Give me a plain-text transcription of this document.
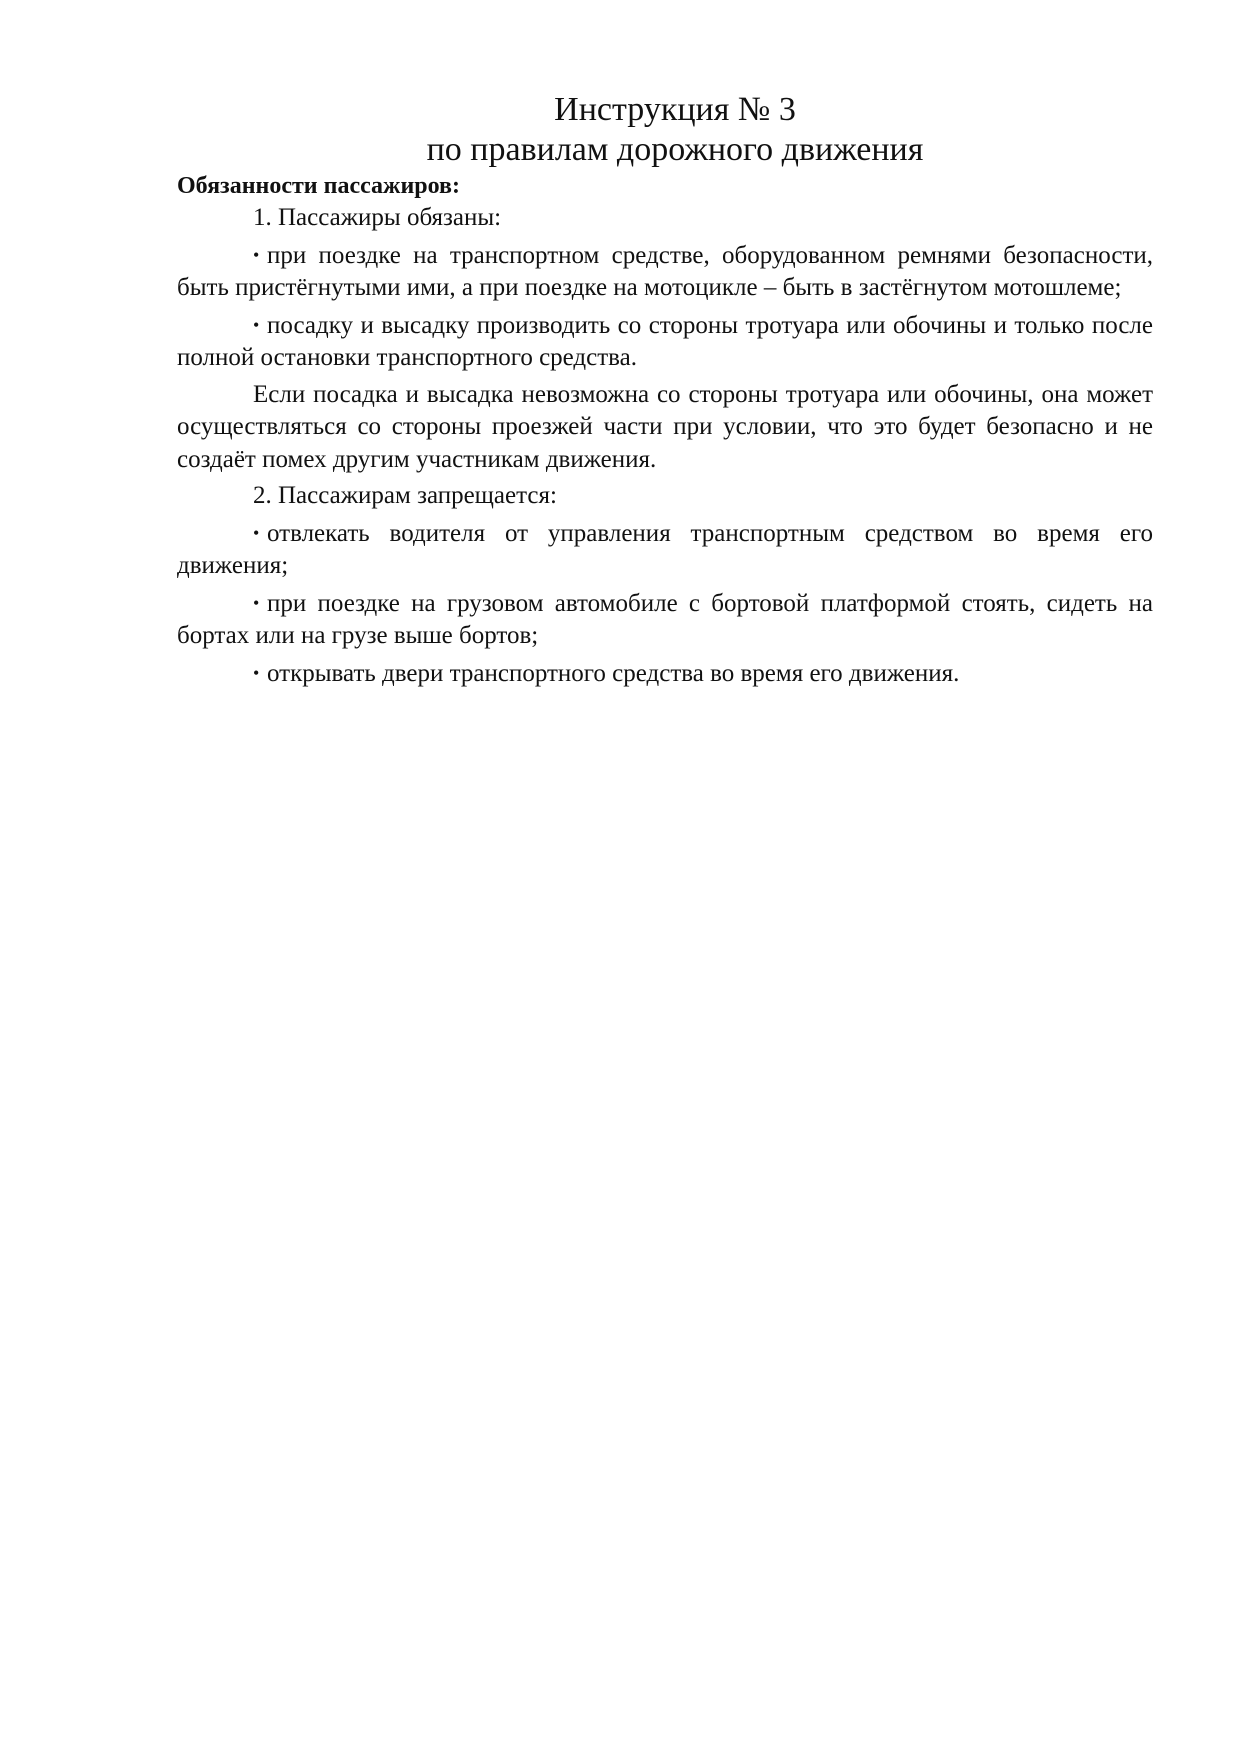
Инструкция № 3
по правилам дорожного движения

Обязанности пассажиров:

1. Пассажиры обязаны:

• при поездке на транспортном средстве, оборудованном ремнями безопасности, быть пристёгнутыми ими, а при поездке на мотоцикле – быть в застёгнутом мотошлеме;

• посадку и высадку производить со стороны тротуара или обочины и только после полной остановки транспортного средства.

Если посадка и высадка невозможна со стороны тротуара или обочины, она может осуществляться со стороны проезжей части при условии, что это будет безопасно и не создаёт помех другим участникам движения.

2. Пассажирам запрещается:

• отвлекать водителя от управления транспортным средством во время его движения;

• при поездке на грузовом автомобиле с бортовой платформой стоять, сидеть на бортах или на грузе выше бортов;

• открывать двери транспортного средства во время его движения.
